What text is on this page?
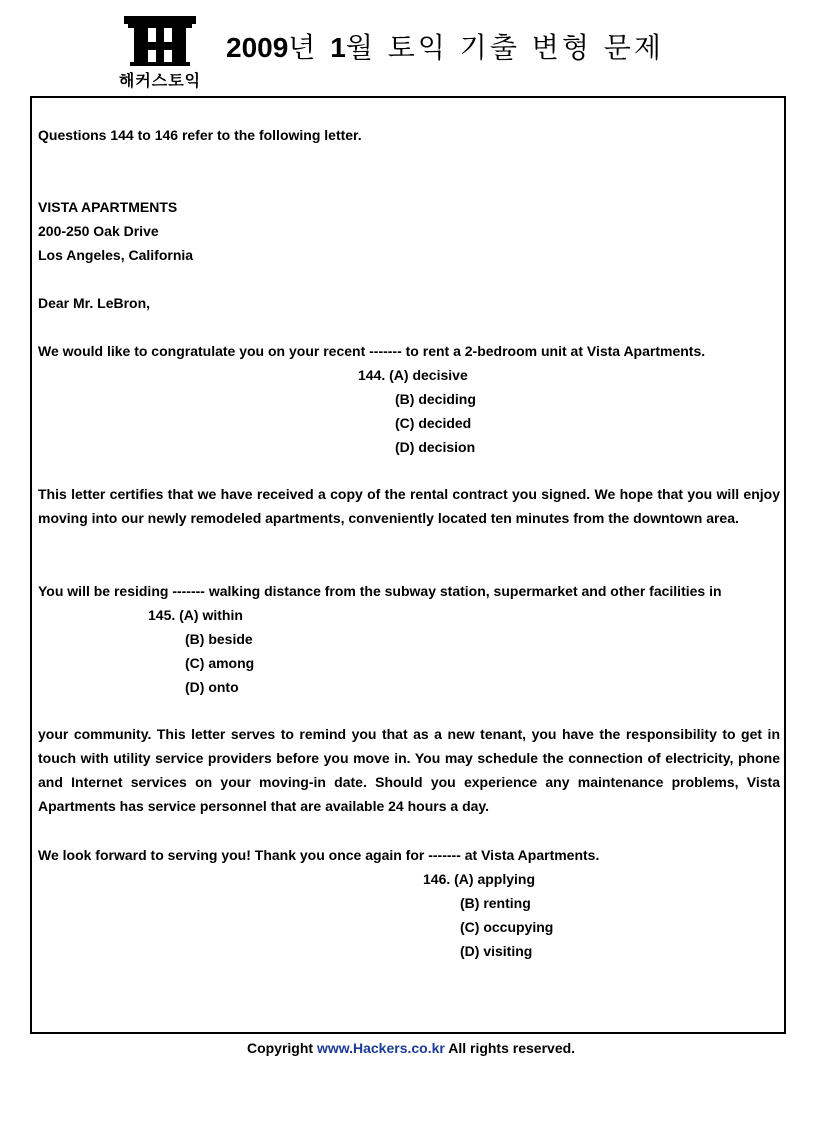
해커스토익
2009년 1월 토익 기출 변형 문제
Questions 144 to 146 refer to the following letter.
VISTA APARTMENTS
200-250 Oak Drive
Los Angeles, California
Dear Mr. LeBron,
We would like to congratulate you on your recent ------- to rent a 2-bedroom unit at Vista Apartments.
144. (A) decisive
(B) deciding
(C) decided
(D) decision
This letter certifies that we have received a copy of the rental contract you signed. We hope that you will enjoy moving into our newly remodeled apartments, conveniently located ten minutes from the downtown area.
You will be residing ------- walking distance from the subway station, supermarket and other facilities in
145. (A) within
(B) beside
(C) among
(D) onto
your community. This letter serves to remind you that as a new tenant, you have the responsibility to get in touch with utility service providers before you move in. You may schedule the connection of electricity, phone and Internet services on your moving-in date. Should you experience any maintenance problems, Vista Apartments has service personnel that are available 24 hours a day.
We look forward to serving you! Thank you once again for ------- at Vista Apartments.
146. (A) applying
(B) renting
(C) occupying
(D) visiting
Copyright www.Hackers.co.kr All rights reserved.
